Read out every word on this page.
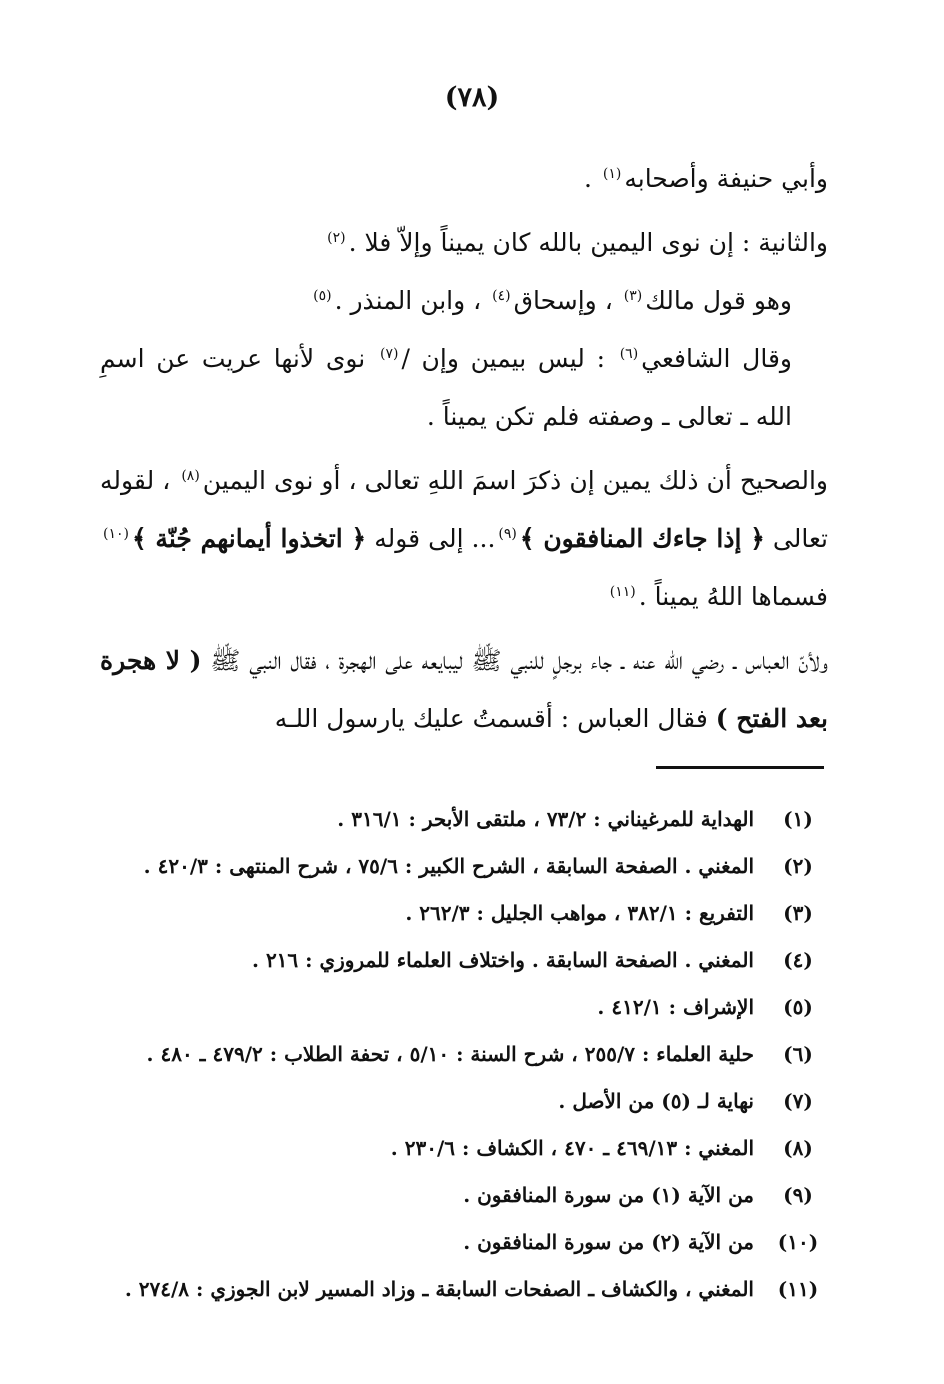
(٧٨)

وأبي حنيفة وأصحابه$^{(١)}$ .

والثانية : إن نوى اليمين بالله كان يميناً وإلاّ فلا .$^{(٢)}$

وهو قول مالك$^{(٣)}$ ، وإسحاق$^{(٤)}$ ، وابن المنذر .$^{(٥)}$

وقال الشافعي$^{(٦)}$ : ليس بيمين وإن /$^{(٧)}$ نوى لأنها عريت عن اسمِ الله ـ تعالى ـ وصفته فلم تكن يميناً .

والصحيح أن ذلك يمين إن ذكرَ اسمَ اللهِ تعالى ، أو نوى اليمين$^{(٨)}$ ، لقوله تعالى ﴿ إذا جاءك المنافقون ﴾$^{(٩)}$... إلى قوله ﴿ اتخذوا أيمانهم جُنّة ﴾$^{(١٠)}$ فسماها اللهُ يميناً .$^{(١١)}$

ولأنّ العباس ـ رضي الله عنه ـ جاء برجلٍ للنبي ﷺ ليبايعه على الهجرة ، فقال النبي ﷺ ( لا هجرة بعد الفتح ) فقال العباس : أقسمتُ عليك يارسول اللـه

(١)
الهداية للمرغيناني : ٧٣/٢ ، ملتقى الأبحر : ٣١٦/١ .
(٢)
المغني . الصفحة السابقة ، الشرح الكبير : ٧٥/٦ ، شرح المنتهى : ٤٢٠/٣ .
(٣)
التفريع : ٣٨٢/١ ، مواهب الجليل : ٢٦٢/٣ .
(٤)
المغني . الصفحة السابقة . واختلاف العلماء للمروزي : ٢١٦ .
(٥)
الإشراف : ٤١٢/١ .
(٦)
حلية العلماء : ٢٥٥/٧ ، شرح السنة : ٥/١٠ ، تحفة الطلاب : ٤٧٩/٢ ـ ٤٨٠ .
(٧)
نهاية لـ (٥) من الأصل .
(٨)
المغني : ٤٦٩/١٣ ـ ٤٧٠ ، الكشاف : ٢٣٠/٦ .
(٩)
من الآية (١) من سورة المنافقون .
(١٠)
من الآية (٢) من سورة المنافقون .
(١١)
المغني ، والكشاف ـ الصفحات السابقة ـ وزاد المسير لابن الجوزي : ٢٧٤/٨ .
